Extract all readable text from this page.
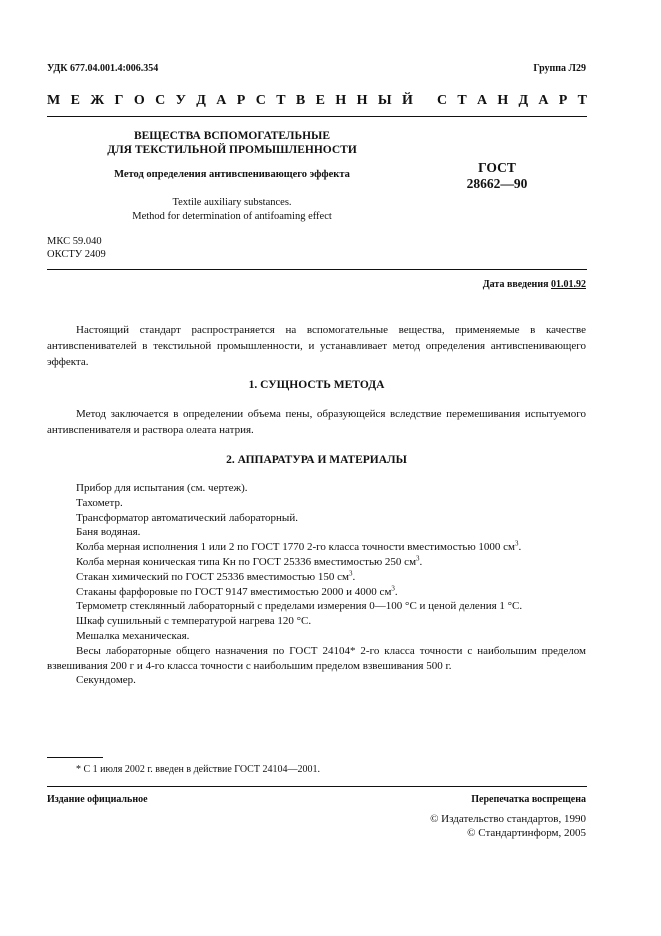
УДК 677.04.001.4:006.354	Группа Л29
М Е Ж Г О С У Д А Р С Т В Е Н Н Ы Й С Т А Н Д А Р Т
ВЕЩЕСТВА ВСПОМОГАТЕЛЬНЫЕ
ДЛЯ ТЕКСТИЛЬНОЙ ПРОМЫШЛЕННОСТИ
Метод определения антивспенивающего эффекта
Textile auxiliary substances.
Method for determination of antifoaming effect
ГОСТ
28662—90
МКС 59.040
ОКСТУ 2409
Дата введения 01.01.92

Настоящий стандарт распространяется на вспомогательные вещества, применяемые в качестве антивспенивателей в текстильной промышленности, и устанавливает метод определения антивспенивающего эффекта.

1. СУЩНОСТЬ МЕТОДА

Метод заключается в определении объема пены, образующейся вследствие перемешивания испытуемого антивспенивателя и раствора олеата натрия.

2. АППАРАТУРА И МАТЕРИАЛЫ
Прибор для испытания (см. чертеж).
Тахометр.
Трансформатор автоматический лабораторный.
Баня водяная.
Колба мерная исполнения 1 или 2 по ГОСТ 1770 2-го класса точности вместимостью 1000 $см^3$.
Колба мерная коническая типа Кн по ГОСТ 25336 вместимостью 250 $см^3$.
Стакан химический по ГОСТ 25336 вместимостью 150 $см^3$.
Стаканы фарфоровые по ГОСТ 9147 вместимостью 2000 и 4000 $см^3$.
Термометр стеклянный лабораторный с пределами измерения 0—100 °С и ценой деления 1 °С.
Шкаф сушильный с температурой нагрева 120 °С.
Мешалка механическая.
Весы лабораторные общего назначения по ГОСТ 24104* 2-го класса точности с наибольшим пределом взвешивания 200 г и 4-го класса точности с наибольшим пределом взвешивания 500 г.
Секундомер.
* С 1 июля 2002 г. введен в действие ГОСТ 24104—2001.
Издание официальное	Перепечатка воспрещена
© Издательство стандартов, 1990
© Стандартинформ, 2005
